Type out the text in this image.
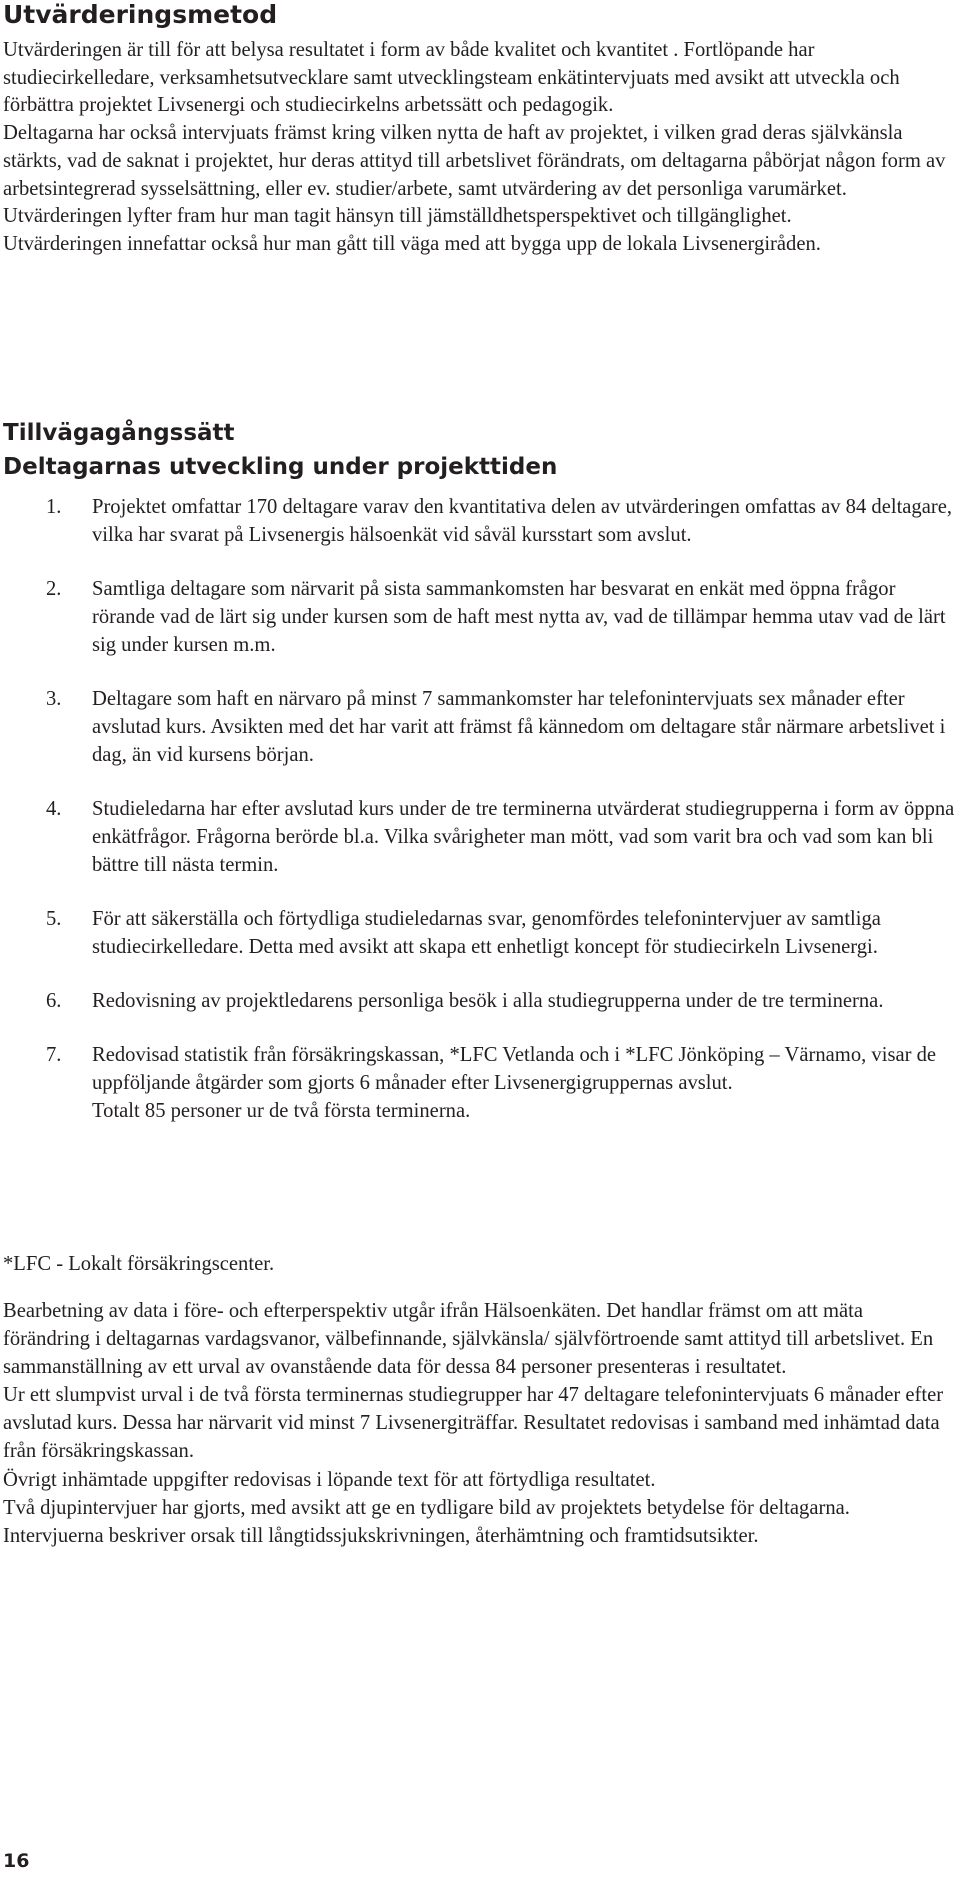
Utvärderingsmetod

Utvärderingen är till för att belysa resultatet i form av både kvalitet och kvantitet . Fortlöpande har studiecirkelledare, verksamhetsutvecklare samt utvecklingsteam enkätintervjuats med avsikt att utveckla och förbättra projektet Livsenergi och studiecirkelns arbetssätt och pedagogik.

Deltagarna har också intervjuats främst kring vilken nytta de haft av projektet, i vilken grad deras självkänsla stärkts, vad de saknat i projektet, hur deras attityd till arbetslivet förändrats, om deltagarna påbörjat någon form av arbetsintegrerad sysselsättning, eller ev. studier/arbete, samt utvärdering av det personliga varumärket.

Utvärderingen lyfter fram hur man tagit hänsyn till jämställdhetsperspektivet och tillgänglighet.

Utvärderingen innefattar också hur man gått till väga med att bygga upp de lokala Livsenergiråden.

Tillvägagångssätt
Deltagarnas utveckling under projekttiden
1. Projektet omfattar 170 deltagare varav den kvantitativa delen av utvärderingen omfattas av 84 deltagare, vilka har svarat på Livsenergis hälsoenkät vid såväl kursstart som avslut.
2. Samtliga deltagare som närvarit på sista sammankomsten har besvarat en enkät med öppna frågor rörande vad de lärt sig under kursen som de haft mest nytta av, vad de tillämpar hemma utav vad de lärt sig under kursen m.m.
3. Deltagare som haft en närvaro på minst 7 sammankomster har telefonintervjuats sex månader efter avslutad kurs. Avsikten med det har varit att främst få kännedom om deltagare står närmare arbetslivet i dag, än vid kursens början.
4. Studieledarna har efter avslutad kurs under de tre terminerna utvärderat studiegrupperna i form av öppna enkätfrågor. Frågorna berörde bl.a. Vilka svårigheter man mött, vad som varit bra och vad som kan bli bättre till nästa termin.
5. För att säkerställa och förtydliga studieledarnas svar, genomfördes telefonintervjuer av samtliga studiecirkelledare. Detta med avsikt att skapa ett enhetligt koncept för studiecirkeln Livsenergi.
6. Redovisning av projektledarens personliga besök i alla studiegrupperna under de tre terminerna.
7. Redovisad statistik från försäkringskassan, *LFC Vetlanda och i *LFC Jönköping – Värnamo, visar de uppföljande åtgärder som gjorts 6 månader efter Livsenergigruppernas avslut.
Totalt 85 personer ur de två första terminerna.
*LFC - Lokalt försäkringscenter.

Bearbetning av data i före- och efterperspektiv utgår ifrån Hälsoenkäten. Det handlar främst om att mäta förändring i deltagarnas vardagsvanor, välbefinnande, självkänsla/ självförtroende samt attityd till arbetslivet. En sammanställning av ett urval av ovanstående data för dessa 84 personer presenteras i resultatet.

Ur ett slumpvist urval i de två första terminernas studiegrupper har 47 deltagare telefonintervjuats 6 månader efter avslutad kurs. Dessa har närvarit vid minst 7 Livsenergiträffar. Resultatet redovisas i samband med inhämtad data från försäkringskassan.

Övrigt inhämtade uppgifter redovisas i löpande text för att förtydliga resultatet.

Två djupintervjuer har gjorts, med avsikt att ge en tydligare bild av projektets betydelse för deltagarna. Intervjuerna beskriver orsak till långtidssjukskrivningen, återhämtning och framtidsutsikter.

16
